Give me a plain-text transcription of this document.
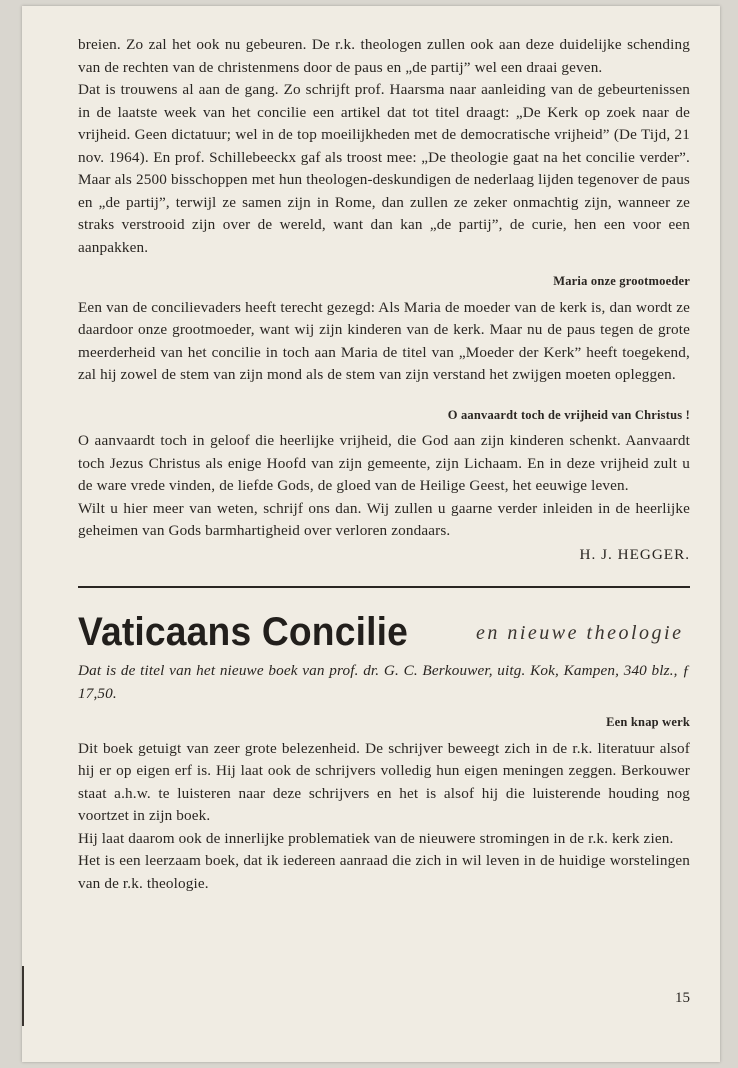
breien. Zo zal het ook nu gebeuren. De r.k. theologen zullen ook aan deze duidelijke schending van de rechten van de christenmens door de paus en „de partij” wel een draai geven.

Dat is trouwens al aan de gang. Zo schrijft prof. Haarsma naar aanleiding van de gebeurtenissen in de laatste week van het concilie een artikel dat tot titel draagt: „De Kerk op zoek naar de vrijheid. Geen dictatuur; wel in de top moeilijkheden met de democratische vrijheid” (De Tijd, 21 nov. 1964). En prof. Schillebeeckx gaf als troost mee: „De theologie gaat na het concilie verder”. Maar als 2500 bisschoppen met hun theologen-deskundigen de nederlaag lijden tegenover de paus en „de partij”, terwijl ze samen zijn in Rome, dan zullen ze zeker onmachtig zijn, wanneer ze straks verstrooid zijn over de wereld, want dan kan „de partij”, de curie, hen een voor een aanpakken.

Maria onze grootmoeder

Een van de concilievaders heeft terecht gezegd: Als Maria de moeder van de kerk is, dan wordt ze daardoor onze grootmoeder, want wij zijn kinderen van de kerk. Maar nu de paus tegen de grote meerderheid van het concilie in toch aan Maria de titel van „Moeder der Kerk” heeft toegekend, zal hij zowel de stem van zijn mond als de stem van zijn verstand het zwijgen moeten opleggen.

O aanvaardt toch de vrijheid van Christus !

O aanvaardt toch in geloof die heerlijke vrijheid, die God aan zijn kinderen schenkt. Aanvaardt toch Jezus Christus als enige Hoofd van zijn gemeente, zijn Lichaam. En in deze vrijheid zult u de ware vrede vinden, de liefde Gods, de gloed van de Heilige Geest, het eeuwige leven.

Wilt u hier meer van weten, schrijf ons dan. Wij zullen u gaarne verder inleiden in de heerlijke geheimen van Gods barmhartigheid over verloren zondaars.

H. J. HEGGER.
Vaticaans Concilie	en nieuwe theologie

Dat is de titel van het nieuwe boek van prof. dr. G. C. Berkouwer, uitg. Kok, Kampen, 340 blz., ƒ 17,50.

Een knap werk

Dit boek getuigt van zeer grote belezenheid. De schrijver beweegt zich in de r.k. literatuur alsof hij er op eigen erf is. Hij laat ook de schrijvers volledig hun eigen meningen zeggen. Berkouwer staat a.h.w. te luisteren naar deze schrijvers en het is alsof hij die luisterende houding nog voortzet in zijn boek.

Hij laat daarom ook de innerlijke problematiek van de nieuwere stromingen in de r.k. kerk zien.

Het is een leerzaam boek, dat ik iedereen aanraad die zich in wil leven in de huidige worstelingen van de r.k. theologie.

15
